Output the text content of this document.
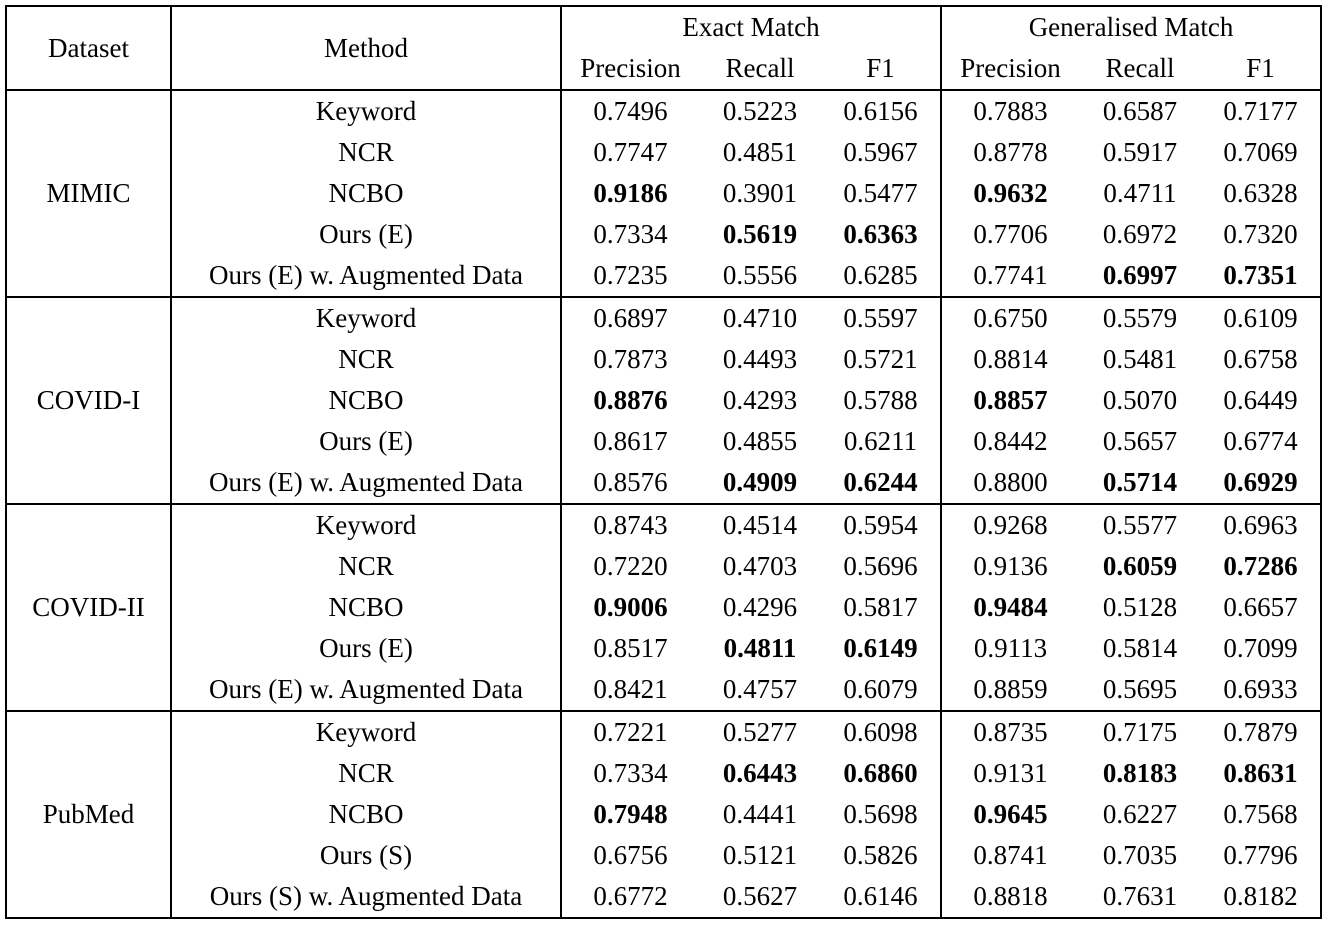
Dataset	Method	Exact Match			Generalised Match		
		Precision	Recall	F1	Precision	Recall	F1
MIMIC	Keyword	0.7496	0.5223	0.6156	0.7883	0.6587	0.7177
	NCR	0.7747	0.4851	0.5967	0.8778	0.5917	0.7069
	NCBO	0.9186	0.3901	0.5477	0.9632	0.4711	0.6328
	Ours (E)	0.7334	0.5619	0.6363	0.7706	0.6972	0.7320
	Ours (E) w. Augmented Data	0.7235	0.5556	0.6285	0.7741	0.6997	0.7351
COVID-I	Keyword	0.6897	0.4710	0.5597	0.6750	0.5579	0.6109
	NCR	0.7873	0.4493	0.5721	0.8814	0.5481	0.6758
	NCBO	0.8876	0.4293	0.5788	0.8857	0.5070	0.6449
	Ours (E)	0.8617	0.4855	0.6211	0.8442	0.5657	0.6774
	Ours (E) w. Augmented Data	0.8576	0.4909	0.6244	0.8800	0.5714	0.6929
COVID-II	Keyword	0.8743	0.4514	0.5954	0.9268	0.5577	0.6963
	NCR	0.7220	0.4703	0.5696	0.9136	0.6059	0.7286
	NCBO	0.9006	0.4296	0.5817	0.9484	0.5128	0.6657
	Ours (E)	0.8517	0.4811	0.6149	0.9113	0.5814	0.7099
	Ours (E) w. Augmented Data	0.8421	0.4757	0.6079	0.8859	0.5695	0.6933
PubMed	Keyword	0.7221	0.5277	0.6098	0.8735	0.7175	0.7879
	NCR	0.7334	0.6443	0.6860	0.9131	0.8183	0.8631
	NCBO	0.7948	0.4441	0.5698	0.9645	0.6227	0.7568
	Ours (S)	0.6756	0.5121	0.5826	0.8741	0.7035	0.7796
	Ours (S) w. Augmented Data	0.6772	0.5627	0.6146	0.8818	0.7631	0.8182
